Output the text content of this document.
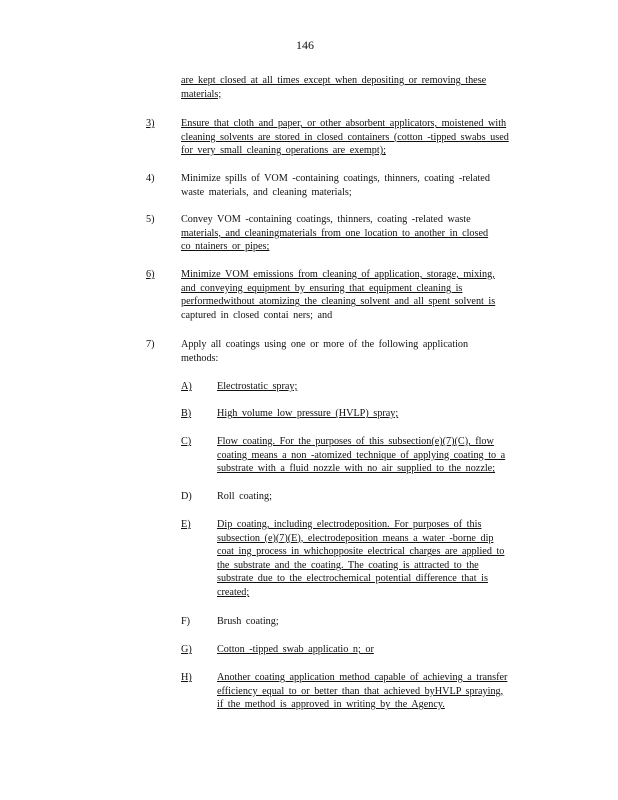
146
are kept closed at all times except when depositing or removing these
materials;
3)	Ensure that cloth and paper, or other absorbent applicators, moistened with
cleaning solvents are stored in closed containers (cotton -tipped swabs used
for very small cleaning operations are exempt);
4)	Minimize spills of VOM -containing coatings, thinners, coating -related
waste materials, and cleaning materials;
5)	Convey VOM -containing coatings, thinners, coating -related waste
materials, and cleaningmaterials from one location to another in closed
co ntainers or pipes;
6)	Minimize VOM emissions from cleaning of application, storage, mixing,
and conveying equipment by ensuring that equipment cleaning is
performedwithout atomizing the cleaning solvent and all spent solvent is
captured in closed contai ners; and
7)	Apply all coatings using one or more of the following application
methods:
A) Electrostatic spray;
B)	High volume low pressure (HVLP) spray;
C)	Flow coating. For the purposes of this subsection(e)(7)(C), flow
coating means a non -atomized technique of applying coating to a
substrate with a fluid nozzle with no air supplied to the nozzle;
D) Roll coating;
E)	Dip coating, including electrodeposition. For purposes of this
subsection (e)(7)(E), electrodeposition means a water -borne dip
coat ing process in whichopposite electrical charges are applied to
the substrate and the coating. The coating is attracted to the
substrate due to the electrochemical potential difference that is
created;
F)	Brush coating;
G) Cotton -tipped swab applicatio n; or
H) Another coating application method capable of achieving a transfer
efficiency equal to or better than that achieved byHVLP spraying,
if the method is approved in writing by the Agency.
